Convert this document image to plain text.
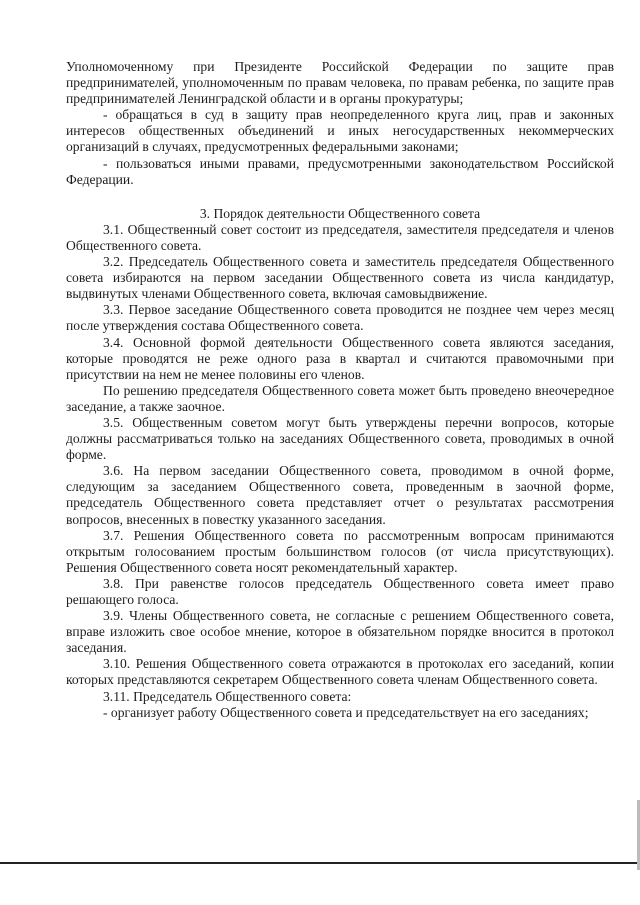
Уполномоченному при Президенте Российской Федерации по защите прав предпринимателей, уполномоченным по правам человека, по правам ребенка, по защите прав предпринимателей Ленинградской области и в органы прокуратуры;

- обращаться в суд в защиту прав неопределенного круга лиц, прав и законных интересов общественных объединений и иных негосударственных некоммерческих организаций в случаях, предусмотренных федеральными законами;

- пользоваться иными правами, предусмотренными законодательством Российской Федерации.

3. Порядок деятельности Общественного совета

3.1. Общественный совет состоит из председателя, заместителя председателя и членов Общественного совета.

3.2. Председатель Общественного совета и заместитель председателя Общественного совета избираются на первом заседании Общественного совета из числа кандидатур, выдвинутых членами Общественного совета, включая самовыдвижение.

3.3. Первое заседание Общественного совета проводится не позднее чем через месяц после утверждения состава Общественного совета.

3.4. Основной формой деятельности Общественного совета являются заседания, которые проводятся не реже одного раза в квартал и считаются правомочными при присутствии на нем не менее половины его членов.

По решению председателя Общественного совета может быть проведено внеочередное заседание, а также заочное.

3.5. Общественным советом могут быть утверждены перечни вопросов, которые должны рассматриваться только на заседаниях Общественного совета, проводимых в очной форме.

3.6. На первом заседании Общественного совета, проводимом в очной форме, следующим за заседанием Общественного совета, проведенным в заочной форме, председатель Общественного совета представляет отчет о результатах рассмотрения вопросов, внесенных в повестку указанного заседания.

3.7. Решения Общественного совета по рассмотренным вопросам принимаются открытым голосованием простым большинством голосов (от числа присутствующих). Решения Общественного совета носят рекомендательный характер.

3.8. При равенстве голосов председатель Общественного совета имеет право решающего голоса.

3.9. Члены Общественного совета, не согласные с решением Общественного совета, вправе изложить свое особое мнение, которое в обязательном порядке вносится в протокол заседания.

3.10. Решения Общественного совета отражаются в протоколах его заседаний, копии которых представляются секретарем Общественного совета членам Общественного совета.

3.11. Председатель Общественного совета:

- организует работу Общественного совета и председательствует на его заседаниях;
